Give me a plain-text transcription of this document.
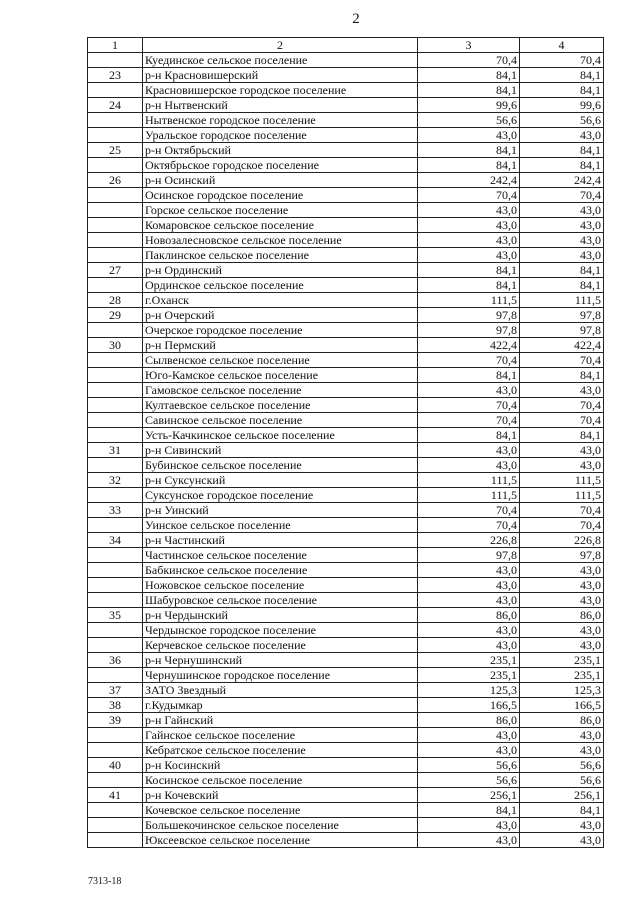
2
1	2	3	4
	Куединское сельское поселение	70,4	70,4
23	р-н Красновишерский	84,1	84,1
	Красновишерское городское поселение	84,1	84,1
24	р-н Нытвенский	99,6	99,6
	Нытвенское городское поселение	56,6	56,6
	Уральское городское поселение	43,0	43,0
25	р-н Октябрьский	84,1	84,1
	Октябрьское городское поселение	84,1	84,1
26	р-н Осинский	242,4	242,4
	Осинское городское поселение	70,4	70,4
	Горское сельское поселение	43,0	43,0
	Комаровское сельское поселение	43,0	43,0
	Новозалесновское сельское поселение	43,0	43,0
	Паклинское сельское поселение	43,0	43,0
27	р-н Ординский	84,1	84,1
	Ординское сельское поселение	84,1	84,1
28	г.Оханск	111,5	111,5
29	р-н Очерский	97,8	97,8
	Очерское городское поселение	97,8	97,8
30	р-н Пермский	422,4	422,4
	Сылвенское сельское поселение	70,4	70,4
	Юго-Камское сельское поселение	84,1	84,1
	Гамовское сельское поселение	43,0	43,0
	Култаевское сельское поселение	70,4	70,4
	Савинское сельское поселение	70,4	70,4
	Усть-Качкинское сельское поселение	84,1	84,1
31	р-н Сивинский	43,0	43,0
	Бубинское сельское поселение	43,0	43,0
32	р-н Суксунский	111,5	111,5
	Суксунское городское поселение	111,5	111,5
33	р-н Уинский	70,4	70,4
	Уинское сельское поселение	70,4	70,4
34	р-н Частинский	226,8	226,8
	Частинское сельское поселение	97,8	97,8
	Бабкинское сельское поселение	43,0	43,0
	Ножовское сельское поселение	43,0	43,0
	Шабуровское сельское поселение	43,0	43,0
35	р-н Чердынский	86,0	86,0
	Чердынское городское поселение	43,0	43,0
	Керчевское сельское поселение	43,0	43,0
36	р-н Чернушинский	235,1	235,1
	Чернушинское городское поселение	235,1	235,1
37	ЗАТО Звездный	125,3	125,3
38	г.Кудымкар	166,5	166,5
39	р-н Гайнский	86,0	86,0
	Гайнское сельское поселение	43,0	43,0
	Кебратское сельское поселение	43,0	43,0
40	р-н Косинский	56,6	56,6
	Косинское сельское поселение	56,6	56,6
41	р-н Кочевский	256,1	256,1
	Кочевское сельское поселение	84,1	84,1
	Большекочинское сельское поселение	43,0	43,0
	Юксеевское сельское поселение	43,0	43,0
7313-18
